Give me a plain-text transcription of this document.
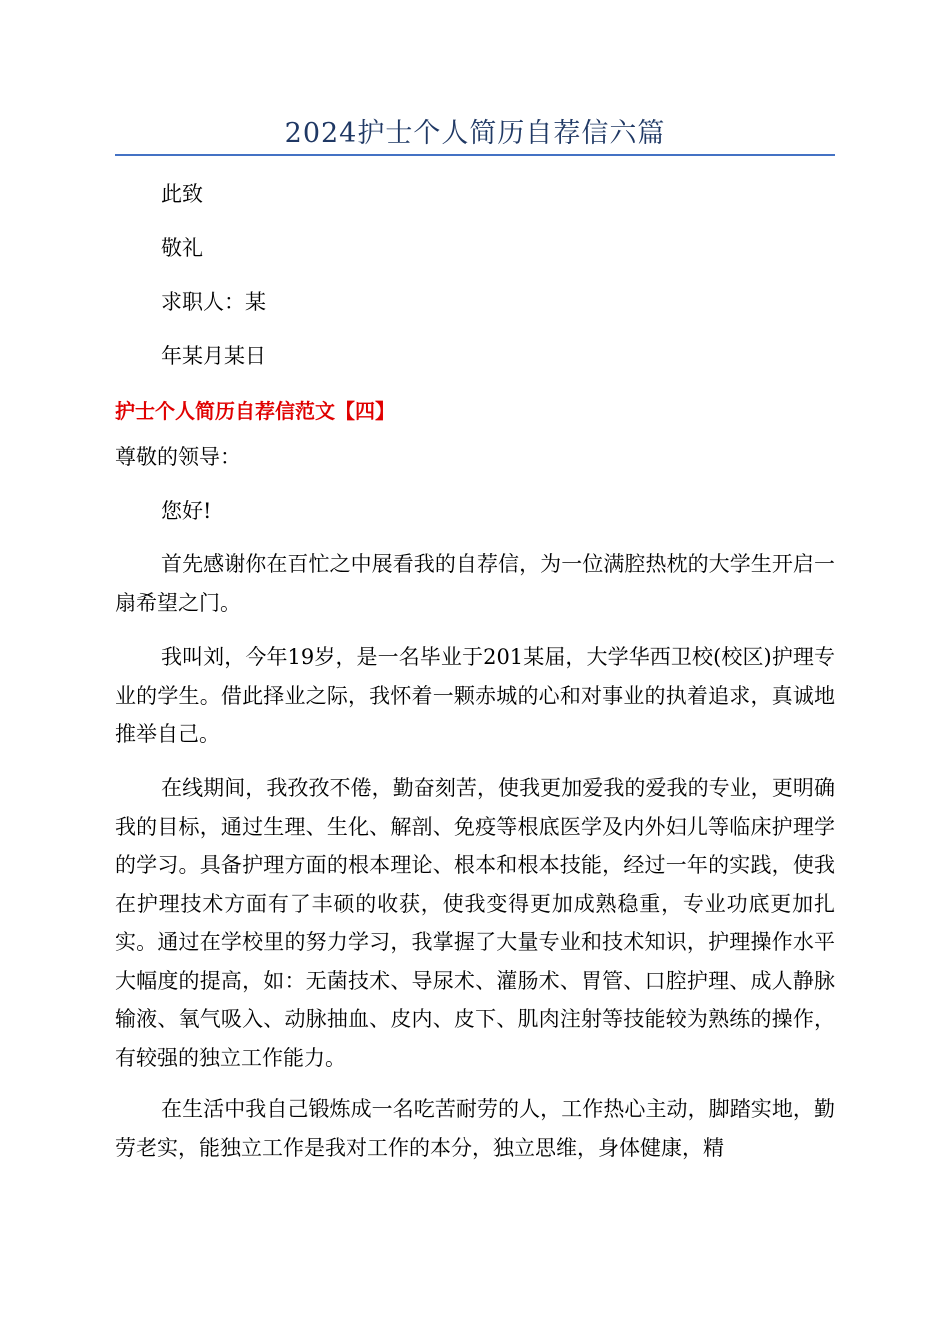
2024护士个人简历自荐信六篇
此致
敬礼
求职人：某
年某月某日
护士个人简历自荐信范文【四】
尊敬的领导：
您好!

首先感谢你在百忙之中展看我的自荐信，为一位满腔热枕的大学生开启一扇希望之门。

我叫刘，今年19岁，是一名毕业于201某届，大学华西卫校(校区)护理专业的学生。借此择业之际，我怀着一颗赤城的心和对事业的执着追求，真诚地推举自己。

在线期间，我孜孜不倦，勤奋刻苦，使我更加爱我的爱我的专业，更明确我的目标，通过生理、生化、解剖、免疫等根底医学及内外妇儿等临床护理学的学习。具备护理方面的根本理论、根本和根本技能，经过一年的实践，使我在护理技术方面有了丰硕的收获，使我变得更加成熟稳重，专业功底更加扎实。通过在学校里的努力学习，我掌握了大量专业和技术知识，护理操作水平大幅度的提高，如：无菌技术、导尿术、灌肠术、胃管、口腔护理、成人静脉输液、氧气吸入、动脉抽血、皮内、皮下、肌肉注射等技能较为熟练的操作，有较强的独立工作能力。

在生活中我自己锻炼成一名吃苦耐劳的人，工作热心主动，脚踏实地，勤劳老实，能独立工作是我对工作的本分，独立思维，身体健康，精
